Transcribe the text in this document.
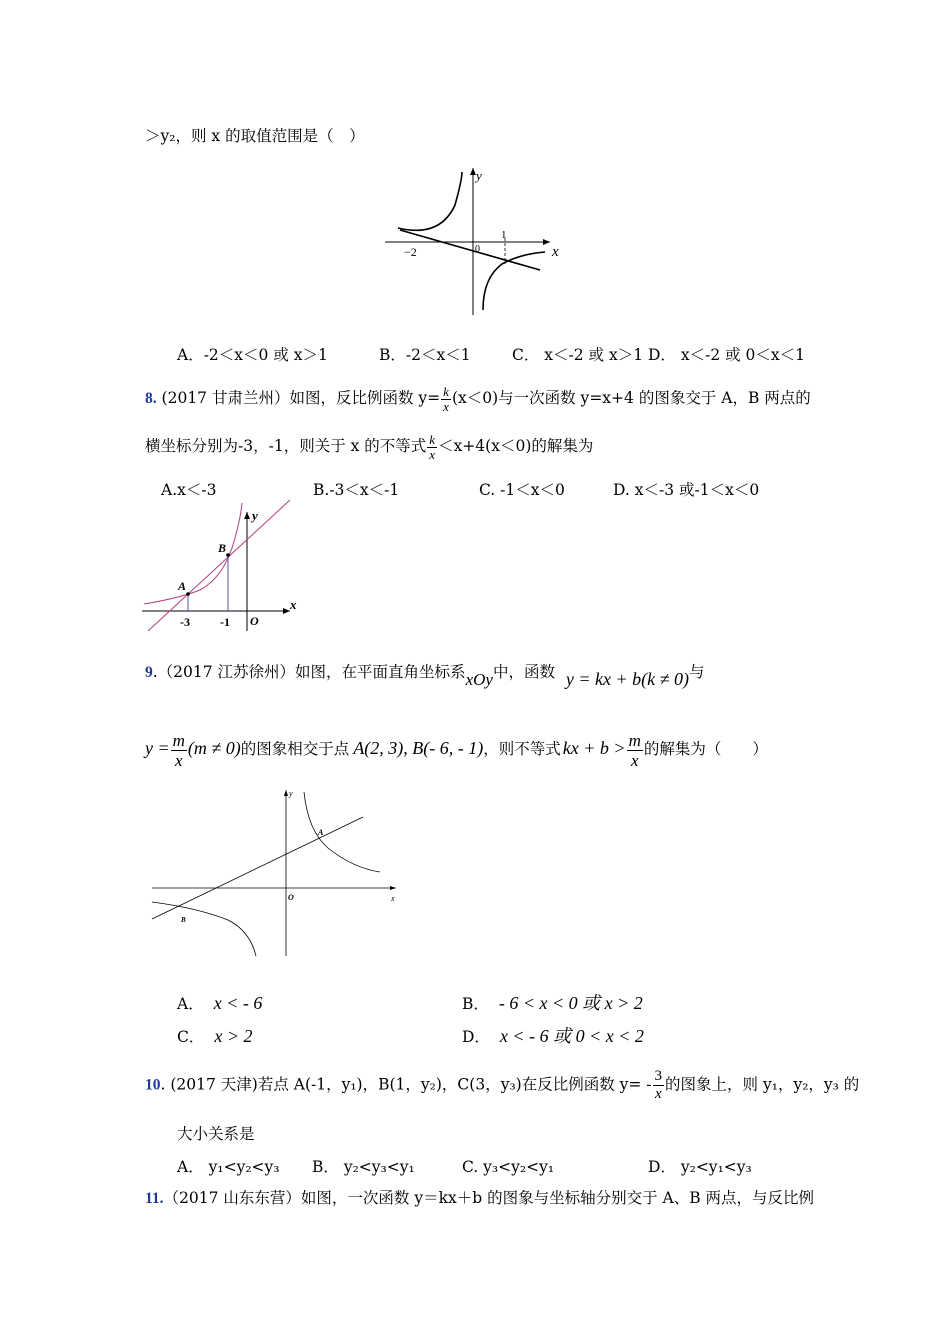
＞y₂，则 x 的取值范围是（　）
y
x
0
−2
1
A．-2＜x＜0 或 x＞1	B．-2＜x＜1	C． x＜-2 或 x＞1 D． x＜-2 或 0＜x＜1
8. (2017 甘肃兰州）如图，反比例函数 $y= \frac{k}{x} (x<0)$与一次函数 y=x+4 的图象交于 A，B 两点的
横坐标分别为-3，-1，则关于 x 的不等式 $\frac{k}{x} <x+4(x<0)$的解集为
A.x＜-3	B.-3＜x＜-1	C. -1＜x＜0	D. x＜-3 或-1＜x＜0
y
x
A
B
-3	-1 O
9.（2017 江苏徐州）如图，在平面直角坐标系xOy中，函数 y = kx + b(k ≠ 0)与
$y = \frac{m}{x} (m \ne 0)$的图象相交于点 A(2, 3), B(- 6, - 1)，则不等式 kx + $b > \frac{m}{x}$ 的解集为（　　）
y
x
O
A
B
A． x < - 6	B． - 6 < x < 0 或 x > 2
C． x > 2	D． x < - 6 或 0 < x < 2
10. (2017 天津)若点 A(-1，y₁)，B(1，y₂)，C(3，y₃)在反比例函数 $y= - \frac{3}{x}$ 的图象上，则 y₁，y₂，y₃ 的
大小关系是
A． y₁<y₂<y₃ B． y₂<y₃<y₁	C. y₃<y₂<y₁	D． y₂<y₁<y₃
11.（2017 山东东营）如图，一次函数 y＝kx＋b 的图象与坐标轴分别交于 A、B 两点，与反比例
